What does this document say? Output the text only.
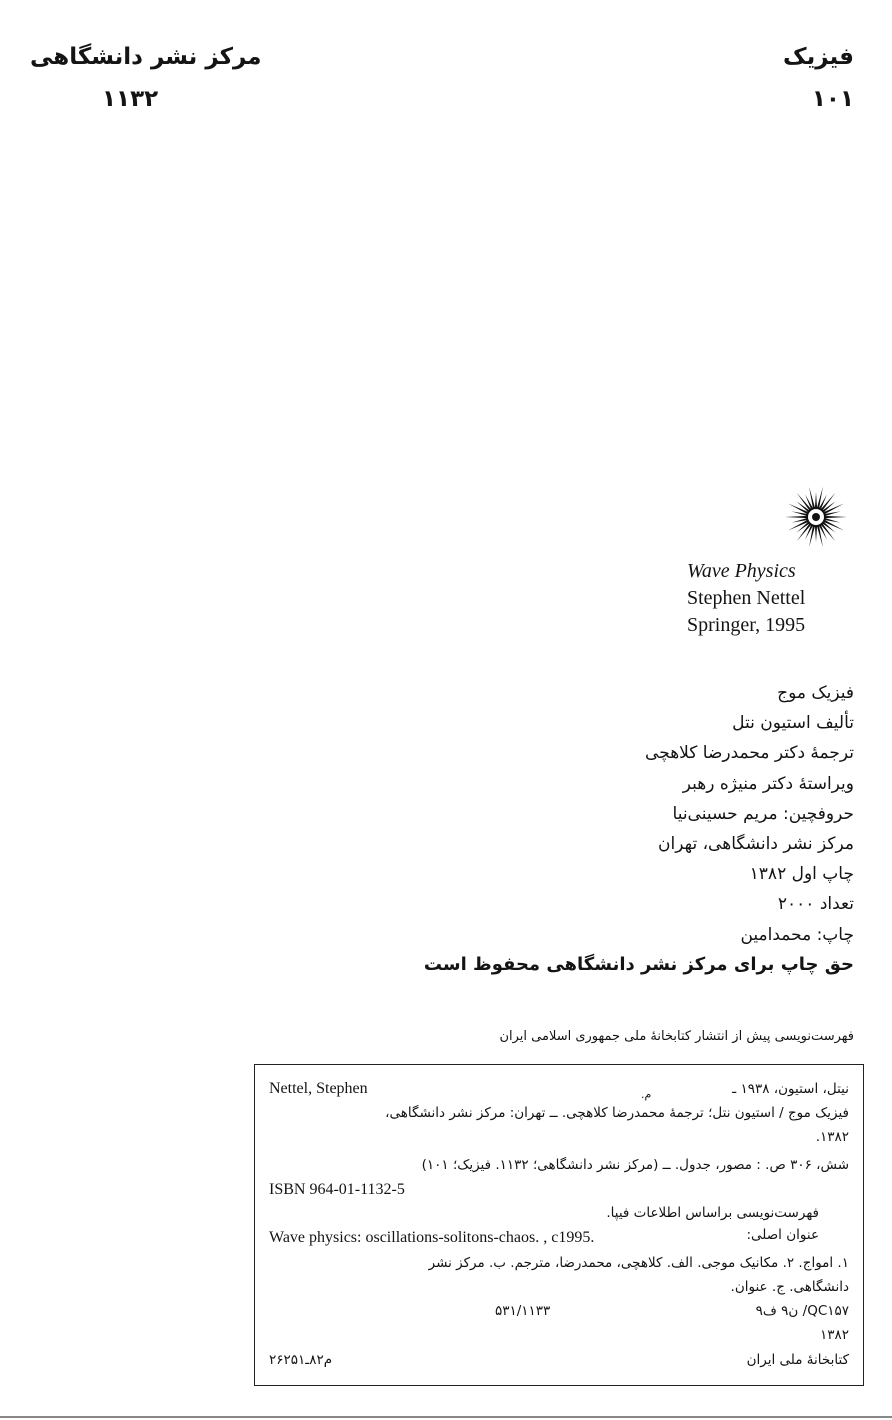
فیزیک
۱۰۱
مرکز نشر دانشگاهی
۱۱۳۲
Wave Physics
Stephen Nettel
Springer, 1995
فیزیک موج
تألیف استیون نتل
ترجمهٔ دکتر محمدرضا کلاهچی
ویراستهٔ دکتر منیژه رهبر
حروفچین: مریم حسینی‌نیا
مرکز نشر دانشگاهی، تهران
چاپ اول ۱۳۸۲
تعداد ۲۰۰۰
چاپ: محمدامین
حق چاپ برای مرکز نشر دانشگاهی محفوظ است
فهرست‌نویسی پیش از انتشار کتابخانهٔ ملی جمهوری اسلامی ایران
Nettel, Stephen	م.	نیتل، استیون، ۱۹۳۸ ـ
فیزیک موج / استیون نتل؛ ترجمهٔ محمدرضا کلاهچی. ــ تهران: مرکز نشر دانشگاهی،
۱۳۸۲.
شش، ۳۰۶ ص. : مصور، جدول. ــ (مرکز نشر دانشگاهی؛ ۱۱۳۲. فیزیک؛ ۱۰۱)
ISBN 964-01-1132-5
فهرست‌نویسی براساس اطلاعات فیپا.
عنوان اصلی:
Wave physics: oscillations-solitons-chaos. , c1995.
۱. امواج. ۲. مکانیک موجی. الف. کلاهچی، محمدرضا، مترجم. ب. مرکز نشر
دانشگاهی. ج. عنوان.
QC۱۵۷/ ن۹ ف۹
۵۳۱/۱۱۳۳
۱۳۸۲
کتابخانهٔ ملی ایران
م۸۲ـ۲۶۲۵۱
